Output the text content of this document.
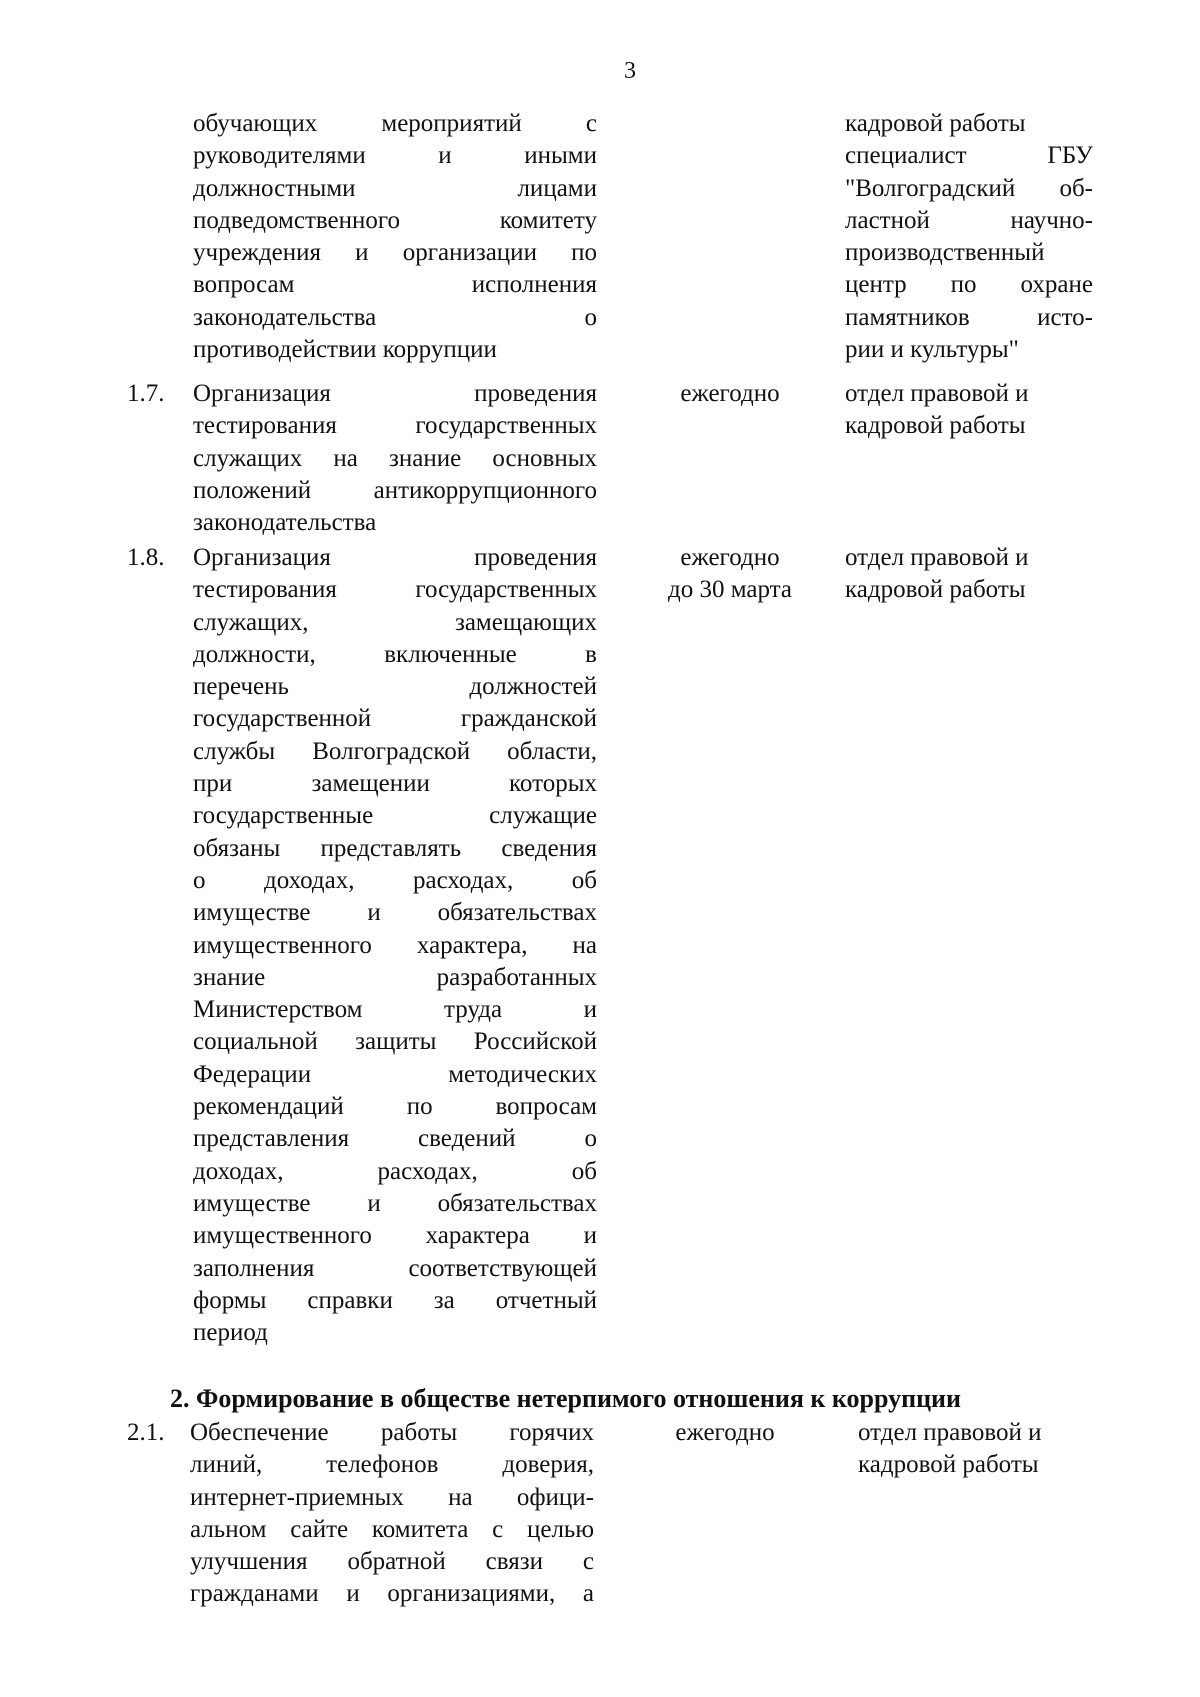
3
обучающих мероприятий с
руководителями и иными
должностными лицами
подведомственного комитету
учреждения и организации по
вопросам исполнения
законодательства о
противодействии коррупции
кадровой работы
специалист ГБУ
"Волгоградский об-
ластной научно-
производственный
центр по охране
памятников исто-
рии и культуры"
1.7. Организация проведения
тестирования государственных
служащих на знание основных
положений антикоррупционного
законодательства
ежегодно	отдел правовой и
кадровой работы
1.8. Организация проведения
тестирования государственных
служащих, замещающих
должности, включенные в
перечень должностей
государственной гражданской
службы Волгоградской области,
при замещении которых
государственные служащие
обязаны представлять сведения
о доходах, расходах, об
имуществе и обязательствах
имущественного характера, на
знание разработанных
Министерством труда и
социальной защиты Российской
Федерации методических
рекомендаций по вопросам
представления сведений о
доходах, расходах, об
имуществе и обязательствах
имущественного характера и
заполнения соответствующей
формы справки за отчетный
период
ежегодно
до 30 марта
отдел правовой и
кадровой работы
2. Формирование в обществе нетерпимого отношения к коррупции
2.1. Обеспечение работы горячих
линий, телефонов доверия,
интернет-приемных на офици-
альном сайте комитета с целью
улучшения обратной связи с
гражданами и организациями, а
ежегодно	отдел правовой и
кадровой работы
